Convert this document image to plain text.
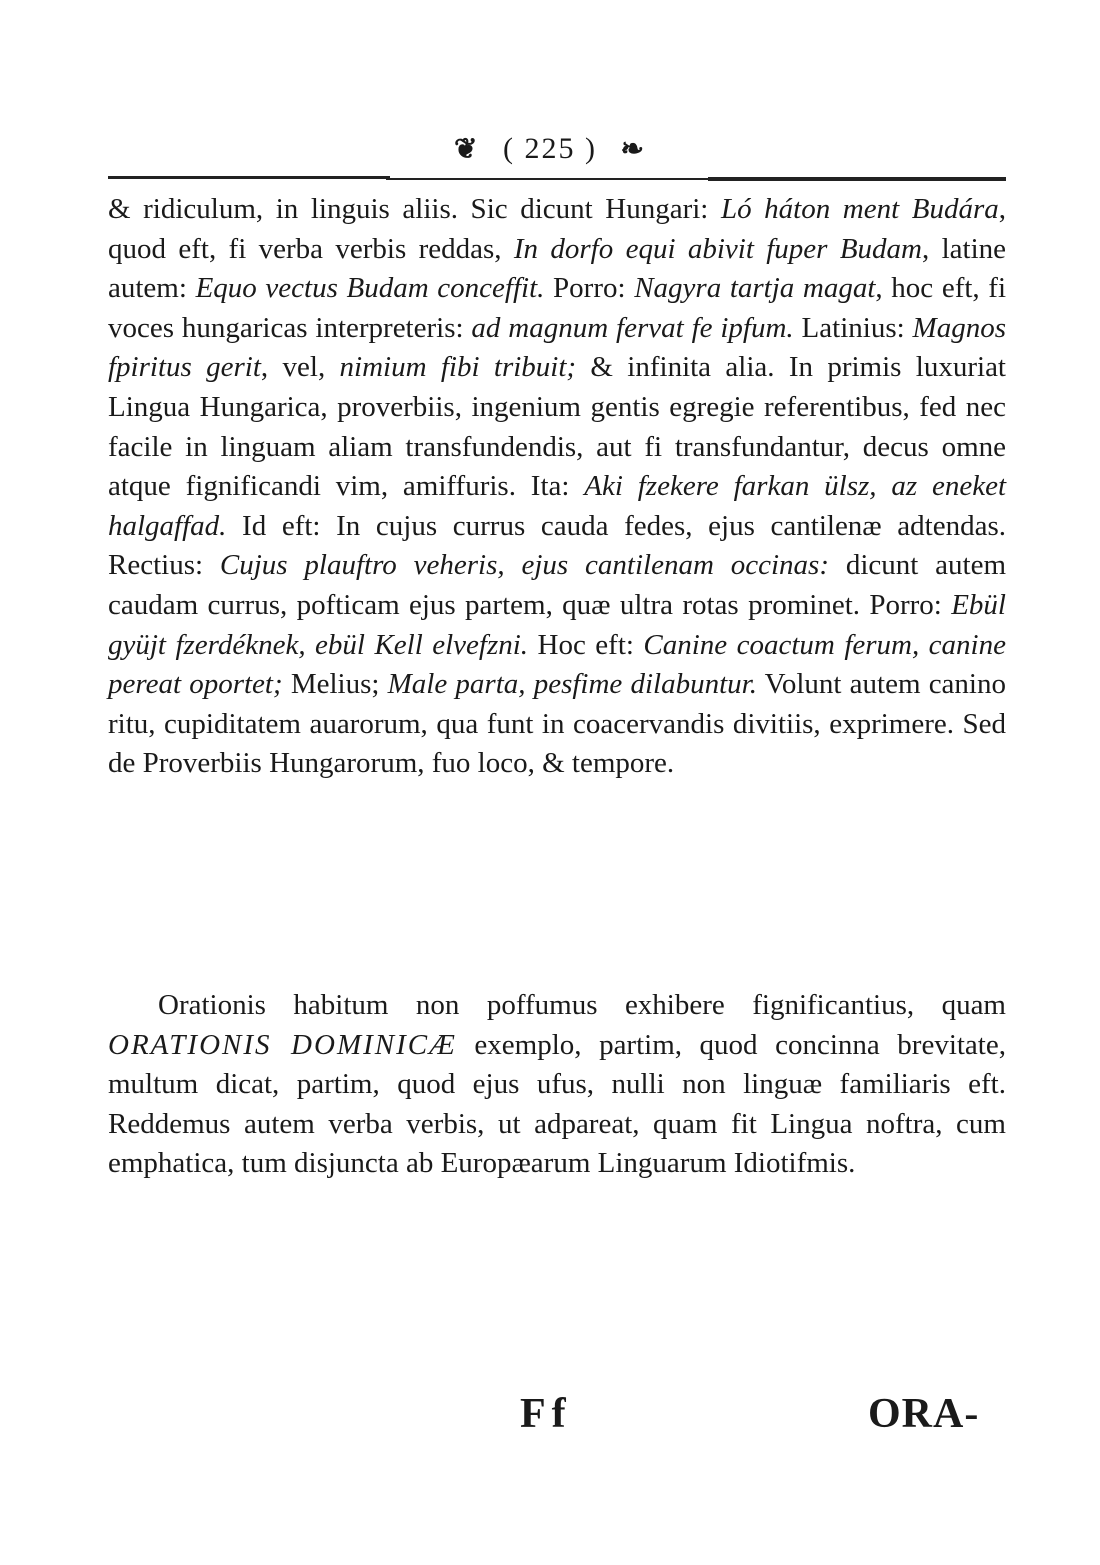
❦ ( 225 ) ❧

& ridiculum, in linguis aliis. Sic dicunt Hungari: Ló háton ment Budára, quod eft, fi verba verbis reddas, In dorfo equi abivit fuper Budam, latine autem: Equo vectus Budam conceffit. Porro: Nagyra tartja magat, hoc eft, fi voces hungaricas interpreteris: ad magnum fervat fe ipfum. Latinius: Magnos fpiritus gerit, vel, nimium fibi tribuit; & infinita alia. In primis luxuriat Lingua Hungarica, proverbiis, ingenium gentis egregie referentibus, fed nec facile in linguam aliam transfundendis, aut fi transfundantur, decus omne atque fignificandi vim, amiffuris. Ita: Aki fzekere farkan ülsz, az eneket halgaffad. Id eft: In cujus currus cauda fedes, ejus cantilenæ adtendas. Rectius: Cujus plauftro veheris, ejus cantilenam occinas: dicunt autem caudam currus, pofticam ejus partem, quæ ultra rotas prominet. Porro: Ebül gyüjt fzerdéknek, ebül Kell elvefzni. Hoc eft: Canine coactum ferum, canine pereat oportet; Melius; Male parta, pesfime dilabuntur. Volunt autem canino ritu, cupiditatem auarorum, qua funt in coacervandis divitiis, exprimere. Sed de Proverbiis Hungarorum, fuo loco, & tempore.

Orationis habitum non poffumus exhibere fignificantius, quam ORATIONIS DOMINICÆ exemplo, partim, quod concinna brevitate, multum dicat, partim, quod ejus ufus, nulli non linguæ familiaris eft. Reddemus autem verba verbis, ut adpareat, quam fit Lingua noftra, cum emphatica, tum disjuncta ab Europæarum Linguarum Idiotifmis.

Ff	ORA-
